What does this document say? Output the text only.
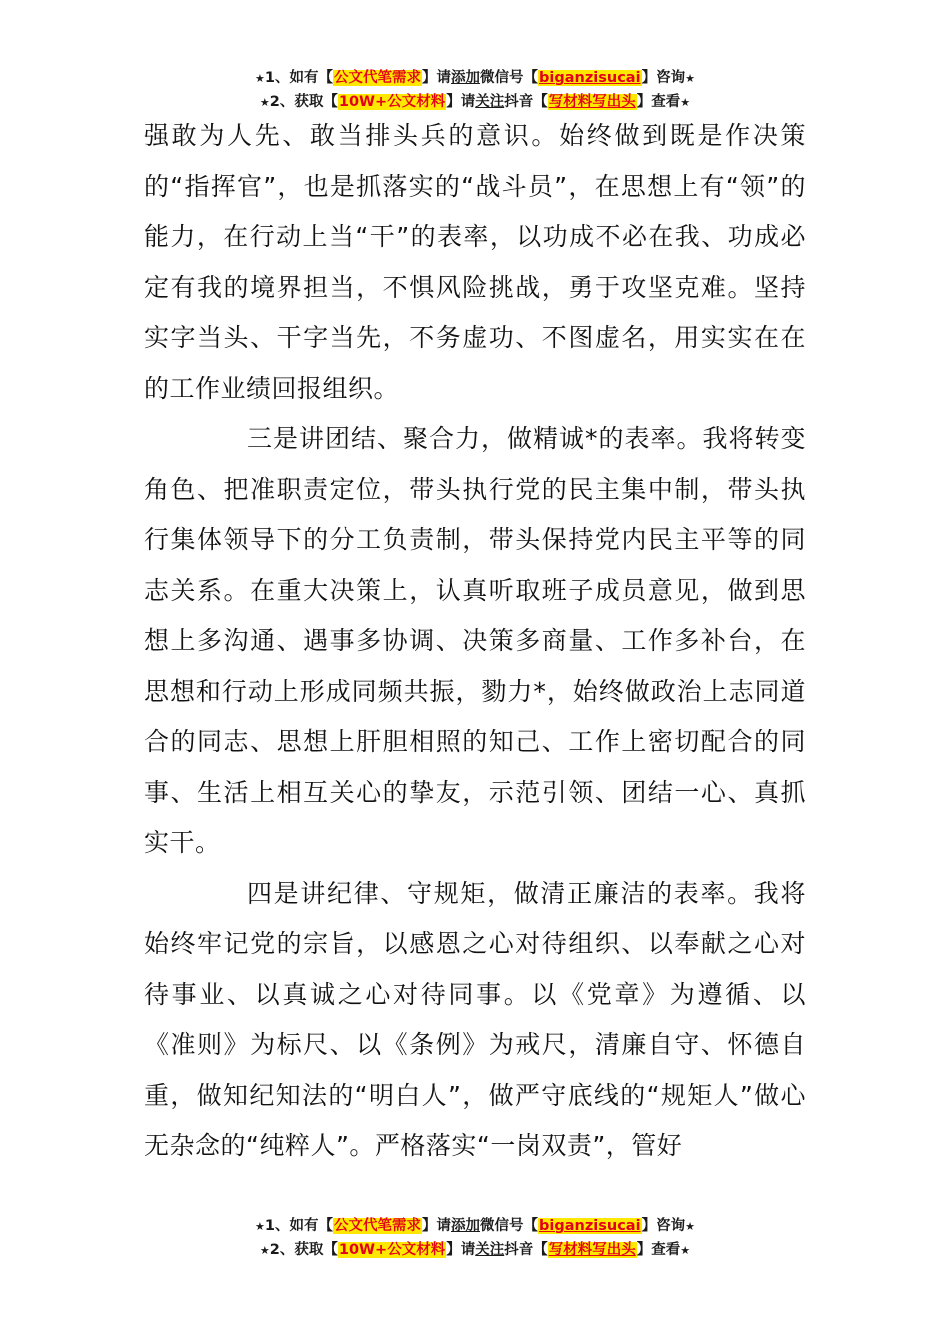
★1、如有【公文代笔需求】请添加微信号【biganzisucai】咨询★
★2、获取【10W+公文材料】请关注抖音【写材料写出头】查看★

强敢为人先、敢当排头兵的意识。始终做到既是作决策的“指挥官”，也是抓落实的“战斗员”，在思想上有“领”的能力，在行动上当“干”的表率，以功成不必在我、功成必定有我的境界担当，不惧风险挑战，勇于攻坚克难。坚持实字当头、干字当先，不务虚功、不图虚名，用实实在在的工作业绩回报组织。

三是讲团结、聚合力，做精诚*的表率。我将转变角色、把准职责定位，带头执行党的民主集中制，带头执行集体领导下的分工负责制，带头保持党内民主平等的同志关系。在重大决策上，认真听取班子成员意见，做到思想上多沟通、遇事多协调、决策多商量、工作多补台，在思想和行动上形成同频共振，勠力*，始终做政治上志同道合的同志、思想上肝胆相照的知己、工作上密切配合的同事、生活上相互关心的挚友，示范引领、团结一心、真抓实干。

四是讲纪律、守规矩，做清正廉洁的表率。我将始终牢记党的宗旨，以感恩之心对待组织、以奉献之心对待事业、以真诚之心对待同事。以《党章》为遵循、以《准则》为标尺、以《条例》为戒尺，清廉自守、怀德自重，做知纪知法的“明白人”，做严守底线的“规矩人”做心无杂念的“纯粹人”。严格落实“一岗双责”，管好

★1、如有【公文代笔需求】请添加微信号【biganzisucai】咨询★
★2、获取【10W+公文材料】请关注抖音【写材料写出头】查看★
